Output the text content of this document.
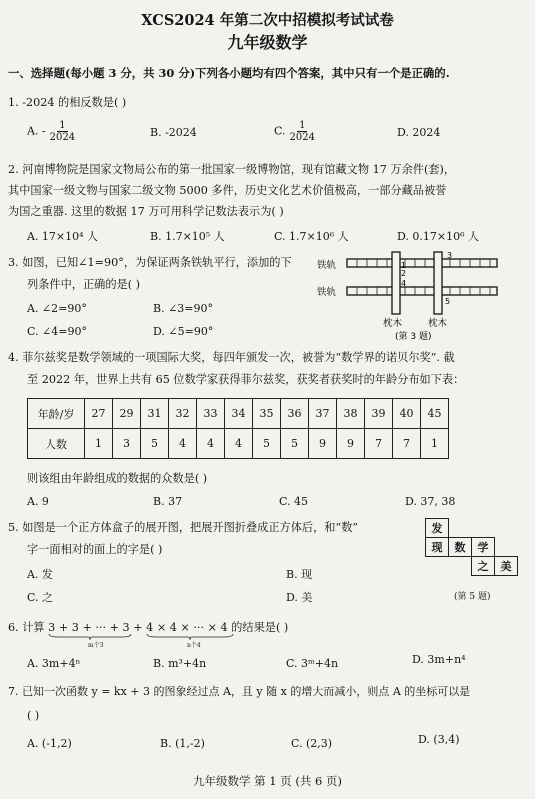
XCS2024 年第二次中招模拟考试试卷
九年级数学
一、选择题(每小题 3 分，共 30 分)下列各小题均有四个答案，其中只有一个是正确的.
1. -2024 的相反数是( )
A. - $\frac{1}{2024}$	B. -2024	C. $\frac{1}{2024}$	D. 2024
2. 河南博物院是国家文物局公布的第一批国家一级博物馆，现有馆藏文物 17 万余件(套)，
其中国家一级文物与国家二级文物 5000 多件，历史文化艺术价值极高，一部分藏品被誉
为国之重器. 这里的数据 17 万可用科学记数法表示为( )
A. 17×10⁴ 人	B. 1.7×10⁵ 人	C. 1.7×10⁶ 人	D. 0.17×10⁶ 人
3. 如图，已知∠1=90°，为保证两条铁轨平行，添加的下
列条件中，正确的是( )
A. ∠2=90°	B. ∠3=90°
C. ∠4=90°	D. ∠5=90°
铁轨
铁轨
1
2
3
4
5
枕木	枕木
(第 3 题)
4. 菲尔兹奖是数学领域的一项国际大奖，每四年颁发一次，被誉为“数学界的诺贝尔奖”. 截
至 2022 年，世界上共有 65 位数学家获得菲尔兹奖，获奖者获奖时的年龄分布如下表：
年龄/岁	27	29	31	32	33	34	35	36	37	38	39	40	45
人数	1	3	5	4	4	4	5	5	9	9	7	7	1
则该组由年龄组成的数据的众数是( )
A. 9	B. 37	C. 45	D. 37, 38
5. 如图是一个正方体盒子的展开图，把展开图折叠成正方体后，和“数”
字一面相对的面上的字是( )
A. 发	B. 现
C. 之	D. 美
发
现	数	学
之	美
(第 5 题)
6. 计算 3 + 3 + ··· + 3 + 4 × 4 × ··· × 4 的结果是( )
m个3	n个4
A. 3m+4ⁿ	B. m³+4n	C. 3ᵐ+4n	D. 3m+n⁴
7. 已知一次函数 y = kx + 3 的图象经过点 A，且 y 随 x 的增大而减小，则点 A 的坐标可以是
( )
A. (-1,2)	B. (1,-2)	C. (2,3)	D. (3,4)
九年级数学 第 1 页 (共 6 页)
